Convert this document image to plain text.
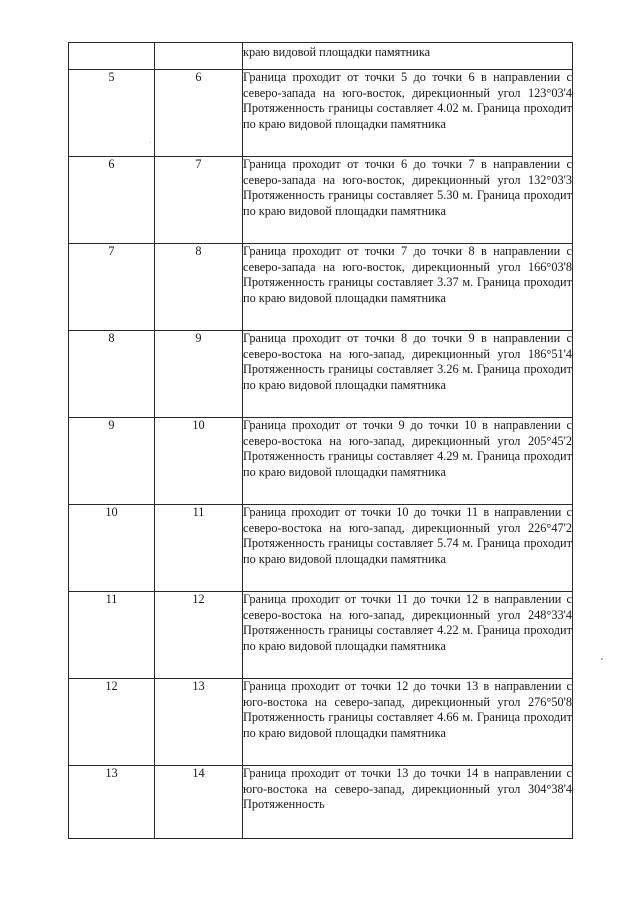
		краю видовой площадки памятника

5	6	Граница проходит от точки 5 до точки 6 в направлении с северо-запада на юго-восток, дирекционный угол 123°03'4 Протяженность границы составляет 4.02 м. Граница проходит по краю видовой площадки памятника

6	7	Граница проходит от точки 6 до точки 7 в направлении с северо-запада на юго-восток, дирекционный угол 132°03'3 Протяженность границы составляет 5.30 м. Граница проходит по краю видовой площадки памятника

7	8	Граница проходит от точки 7 до точки 8 в направлении с северо-запада на юго-восток, дирекционный угол 166°03'8 Протяженность границы составляет 3.37 м. Граница проходит по краю видовой площадки памятника

8	9	Граница проходит от точки 8 до точки 9 в направлении с северо-востока на юго-запад, дирекционный угол 186°51'4 Протяженность границы составляет 3.26 м. Граница проходит по краю видовой площадки памятника

9	10	Граница проходит от точки 9 до точки 10 в направлении с северо-востока на юго-запад, дирекционный угол 205°45'2 Протяженность границы составляет 4.29 м. Граница проходит по краю видовой площадки памятника

10	11	Граница проходит от точки 10 до точки 11 в направлении с северо-востока на юго-запад, дирекционный угол 226°47'2 Протяженность границы составляет 5.74 м. Граница проходит по краю видовой площадки памятника

11	12	Граница проходит от точки 11 до точки 12 в направлении с северо-востока на юго-запад, дирекционный угол 248°33'4 Протяженность границы составляет 4.22 м. Граница проходит по краю видовой площадки памятника

12	13	Граница проходит от точки 12 до точки 13 в направлении с юго-востока на северо-запад, дирекционный угол 276°50'8 Протяженность границы составляет 4.66 м. Граница проходит по краю видовой площадки памятника

13	14	Граница проходит от точки 13 до точки 14 в направлении с юго-востока на северо-запад, дирекционный угол 304°38'4 Протяженность
